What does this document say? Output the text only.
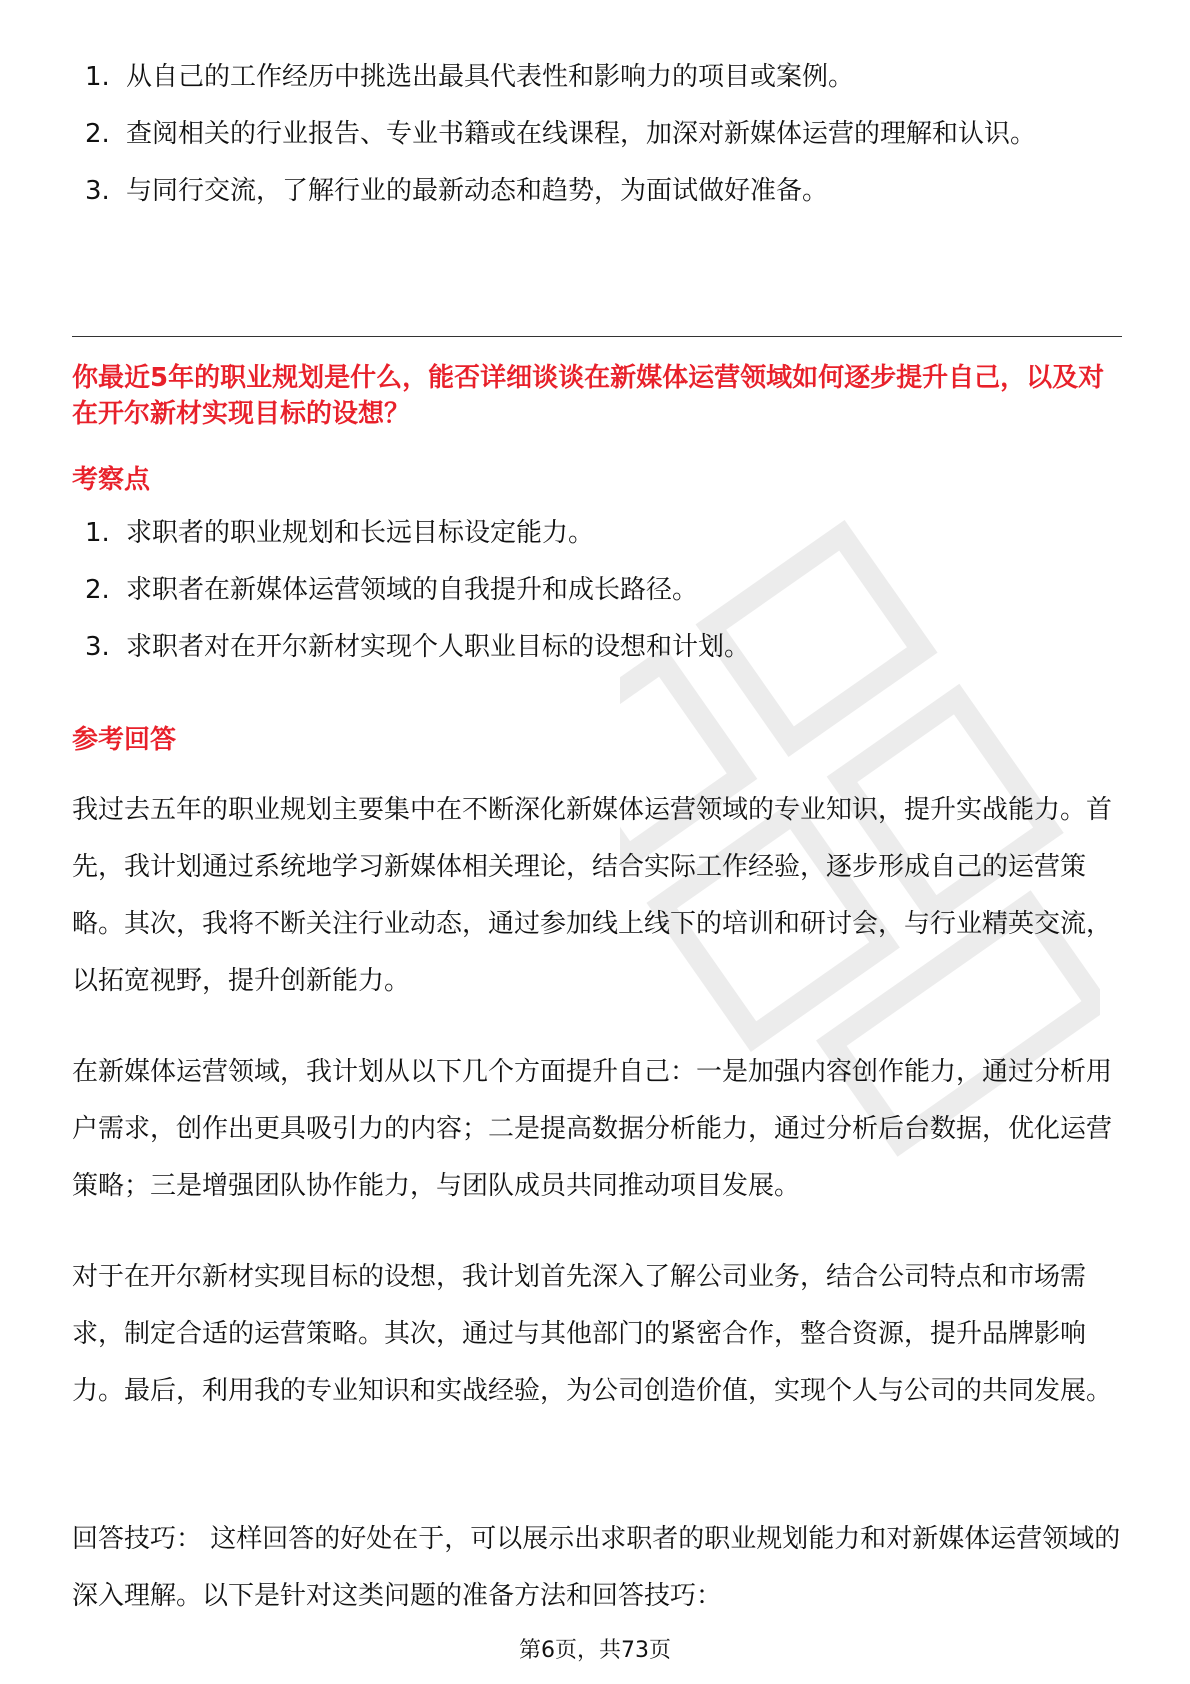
1. 从自己的工作经历中挑选出最具代表性和影响力的项目或案例。
2. 查阅相关的行业报告、专业书籍或在线课程，加深对新媒体运营的理解和认识。
3. 与同行交流，了解行业的最新动态和趋势，为面试做好准备。
你最近5年的职业规划是什么，能否详细谈谈在新媒体运营领域如何逐步提升自己，以及对在开尔新材实现目标的设想？
考察点
1. 求职者的职业规划和长远目标设定能力。
2. 求职者在新媒体运营领域的自我提升和成长路径。
3. 求职者对在开尔新材实现个人职业目标的设想和计划。
参考回答

我过去五年的职业规划主要集中在不断深化新媒体运营领域的专业知识，提升实战能力。首先，我计划通过系统地学习新媒体相关理论，结合实际工作经验，逐步形成自己的运营策略。其次，我将不断关注行业动态，通过参加线上线下的培训和研讨会，与行业精英交流，以拓宽视野，提升创新能力。

在新媒体运营领域，我计划从以下几个方面提升自己：一是加强内容创作能力，通过分析用户需求，创作出更具吸引力的内容；二是提高数据分析能力，通过分析后台数据，优化运营策略；三是增强团队协作能力，与团队成员共同推动项目发展。

对于在开尔新材实现目标的设想，我计划首先深入了解公司业务，结合公司特点和市场需求，制定合适的运营策略。其次，通过与其他部门的紧密合作，整合资源，提升品牌影响力。最后，利用我的专业知识和实战经验，为公司创造价值，实现个人与公司的共同发展。

回答技巧： 这样回答的好处在于，可以展示出求职者的职业规划能力和对新媒体运营领域的深入理解。以下是针对这类问题的准备方法和回答技巧：

第6页，共73页
